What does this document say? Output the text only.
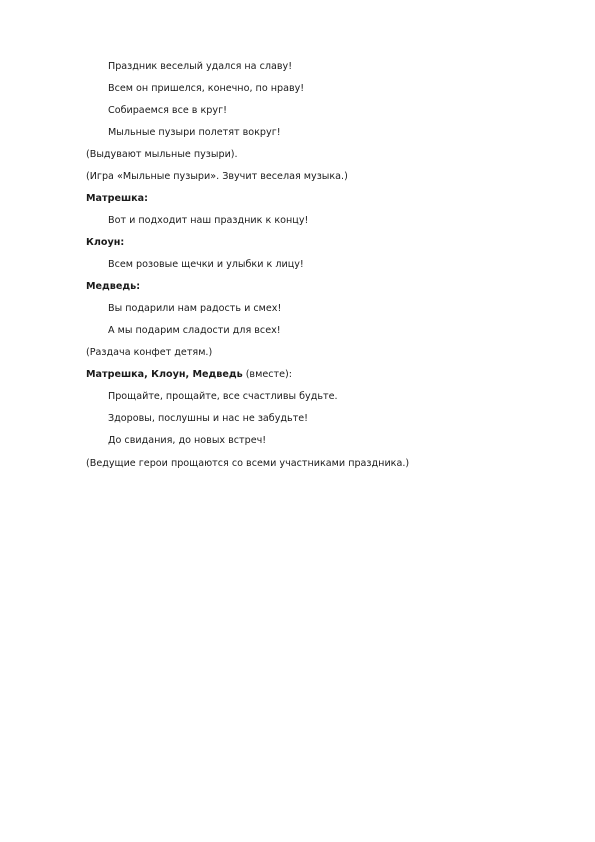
Праздник веселый удался на славу!
Всем он пришелся, конечно, по нраву!
Собираемся все в круг!
Мыльные пузыри полетят вокруг!
(Выдувают мыльные пузыри).
(Игра «Мыльные пузыри». Звучит веселая музыка.)
Матрешка:
Вот и подходит наш праздник к концу!
Клоун:
Всем розовые щечки и улыбки к лицу!
Медведь:
Вы подарили нам радость и смех!
А мы подарим сладости для всех!
(Раздача конфет детям.)
Матрешка, Клоун, Медведь (вместе):
Прощайте, прощайте, все счастливы будьте.
Здоровы, послушны и нас не забудьте!
До свидания, до новых встреч!
(Ведущие герои прощаются со всеми участниками праздника.)
